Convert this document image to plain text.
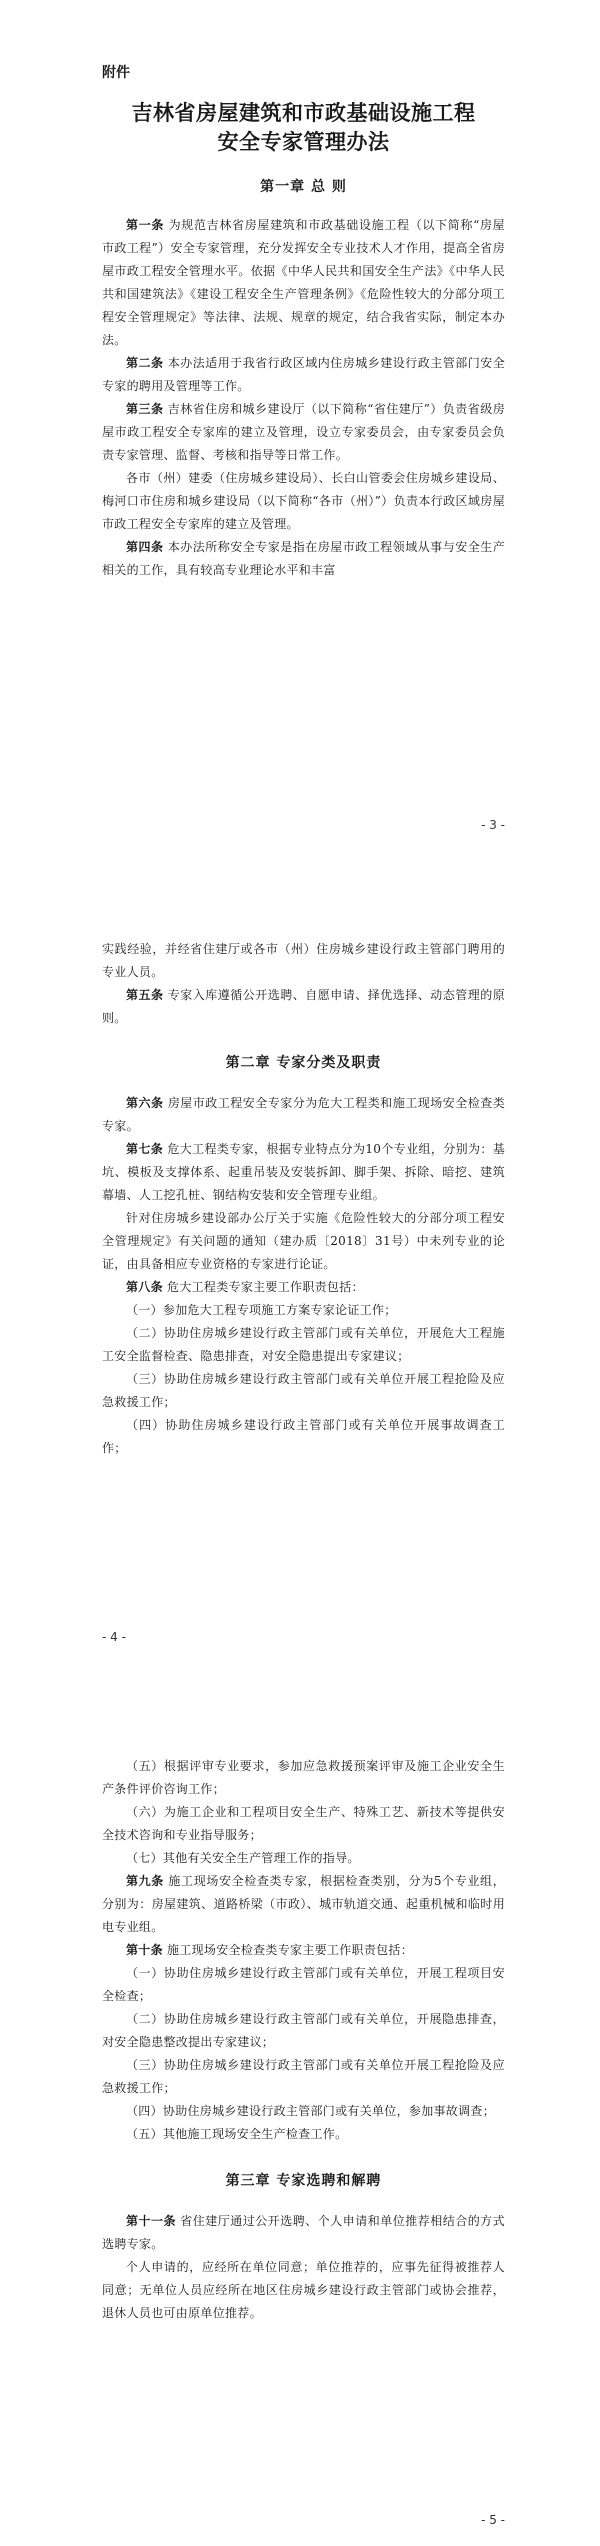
附件
吉林省房屋建筑和市政基础设施工程
安全专家管理办法
第一章 总 则

第一条 为规范吉林省房屋建筑和市政基础设施工程（以下简称“房屋市政工程”）安全专家管理，充分发挥安全专业技术人才作用，提高全省房屋市政工程安全管理水平。依据《中华人民共和国安全生产法》《中华人民共和国建筑法》《建设工程安全生产管理条例》《危险性较大的分部分项工程安全管理规定》等法律、法规、规章的规定，结合我省实际，制定本办法。

第二条 本办法适用于我省行政区域内住房城乡建设行政主管部门安全专家的聘用及管理等工作。

第三条 吉林省住房和城乡建设厅（以下简称“省住建厅”）负责省级房屋市政工程安全专家库的建立及管理，设立专家委员会，由专家委员会负责专家管理、监督、考核和指导等日常工作。

各市（州）建委（住房城乡建设局）、长白山管委会住房城乡建设局、梅河口市住房和城乡建设局（以下简称“各市（州）”）负责本行政区域房屋市政工程安全专家库的建立及管理。

第四条 本办法所称安全专家是指在房屋市政工程领域从事与安全生产相关的工作，具有较高专业理论水平和丰富

- 3 -

实践经验，并经省住建厅或各市（州）住房城乡建设行政主管部门聘用的专业人员。

第五条 专家入库遵循公开选聘、自愿申请、择优选择、动态管理的原则。

第二章 专家分类及职责

第六条 房屋市政工程安全专家分为危大工程类和施工现场安全检查类专家。

第七条 危大工程类专家，根据专业特点分为10个专业组，分别为：基坑、模板及支撑体系、起重吊装及安装拆卸、脚手架、拆除、暗挖、建筑幕墙、人工挖孔桩、钢结构安装和安全管理专业组。

针对住房城乡建设部办公厅关于实施《危险性较大的分部分项工程安全管理规定》有关问题的通知（建办质〔2018〕31号）中未列专业的论证，由具备相应专业资格的专家进行论证。

第八条 危大工程类专家主要工作职责包括：

（一）参加危大工程专项施工方案专家论证工作；

（二）协助住房城乡建设行政主管部门或有关单位，开展危大工程施工安全监督检查、隐患排查，对安全隐患提出专家建议；

（三）协助住房城乡建设行政主管部门或有关单位开展工程抢险及应急救援工作；

（四）协助住房城乡建设行政主管部门或有关单位开展事故调查工作；

- 4 -

（五）根据评审专业要求，参加应急救援预案评审及施工企业安全生产条件评价咨询工作；

（六）为施工企业和工程项目安全生产、特殊工艺、新技术等提供安全技术咨询和专业指导服务；

（七）其他有关安全生产管理工作的指导。

第九条 施工现场安全检查类专家，根据检查类别，分为5个专业组，分别为：房屋建筑、道路桥梁（市政）、城市轨道交通、起重机械和临时用电专业组。

第十条 施工现场安全检查类专家主要工作职责包括：

（一）协助住房城乡建设行政主管部门或有关单位，开展工程项目安全检查；

（二）协助住房城乡建设行政主管部门或有关单位，开展隐患排查，对安全隐患整改提出专家建议；

（三）协助住房城乡建设行政主管部门或有关单位开展工程抢险及应急救援工作；

（四）协助住房城乡建设行政主管部门或有关单位，参加事故调查；

（五）其他施工现场安全生产检查工作。

第三章 专家选聘和解聘

第十一条 省住建厅通过公开选聘、个人申请和单位推荐相结合的方式选聘专家。

个人申请的，应经所在单位同意；单位推荐的，应事先征得被推荐人同意；无单位人员应经所在地区住房城乡建设行政主管部门或协会推荐，退休人员也可由原单位推荐。

- 5 -
